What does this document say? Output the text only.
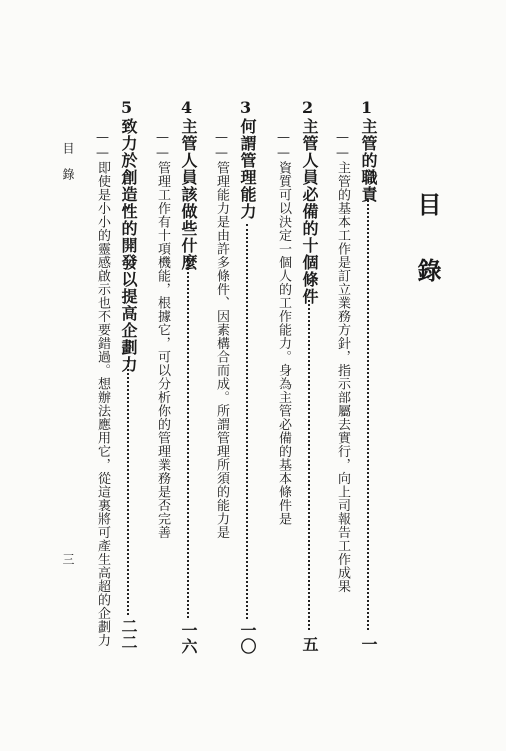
目
錄
1
主管的職責
一
——主管的基本工作是訂立業務方針，指示部屬去實行，向上司報告工作成果
2
主管人員必備的十個條件
五
——資質可以決定一個人的工作能力。身為主管必備的基本條件是
3
何謂管理能力
一〇
——管理能力是由許多條件、因素構合而成。所謂管理所須的能力是
4
主管人員該做些什麼
一六
——管理工作有十項機能，根據它，可以分析你的管理業務是否完善
5
致力於創造性的開發以提高企劃力
二二
——即使是小小的靈感啟示也不要錯過。想辦法應用它，從這裏將可產生高超的企劃力
目 錄
三
